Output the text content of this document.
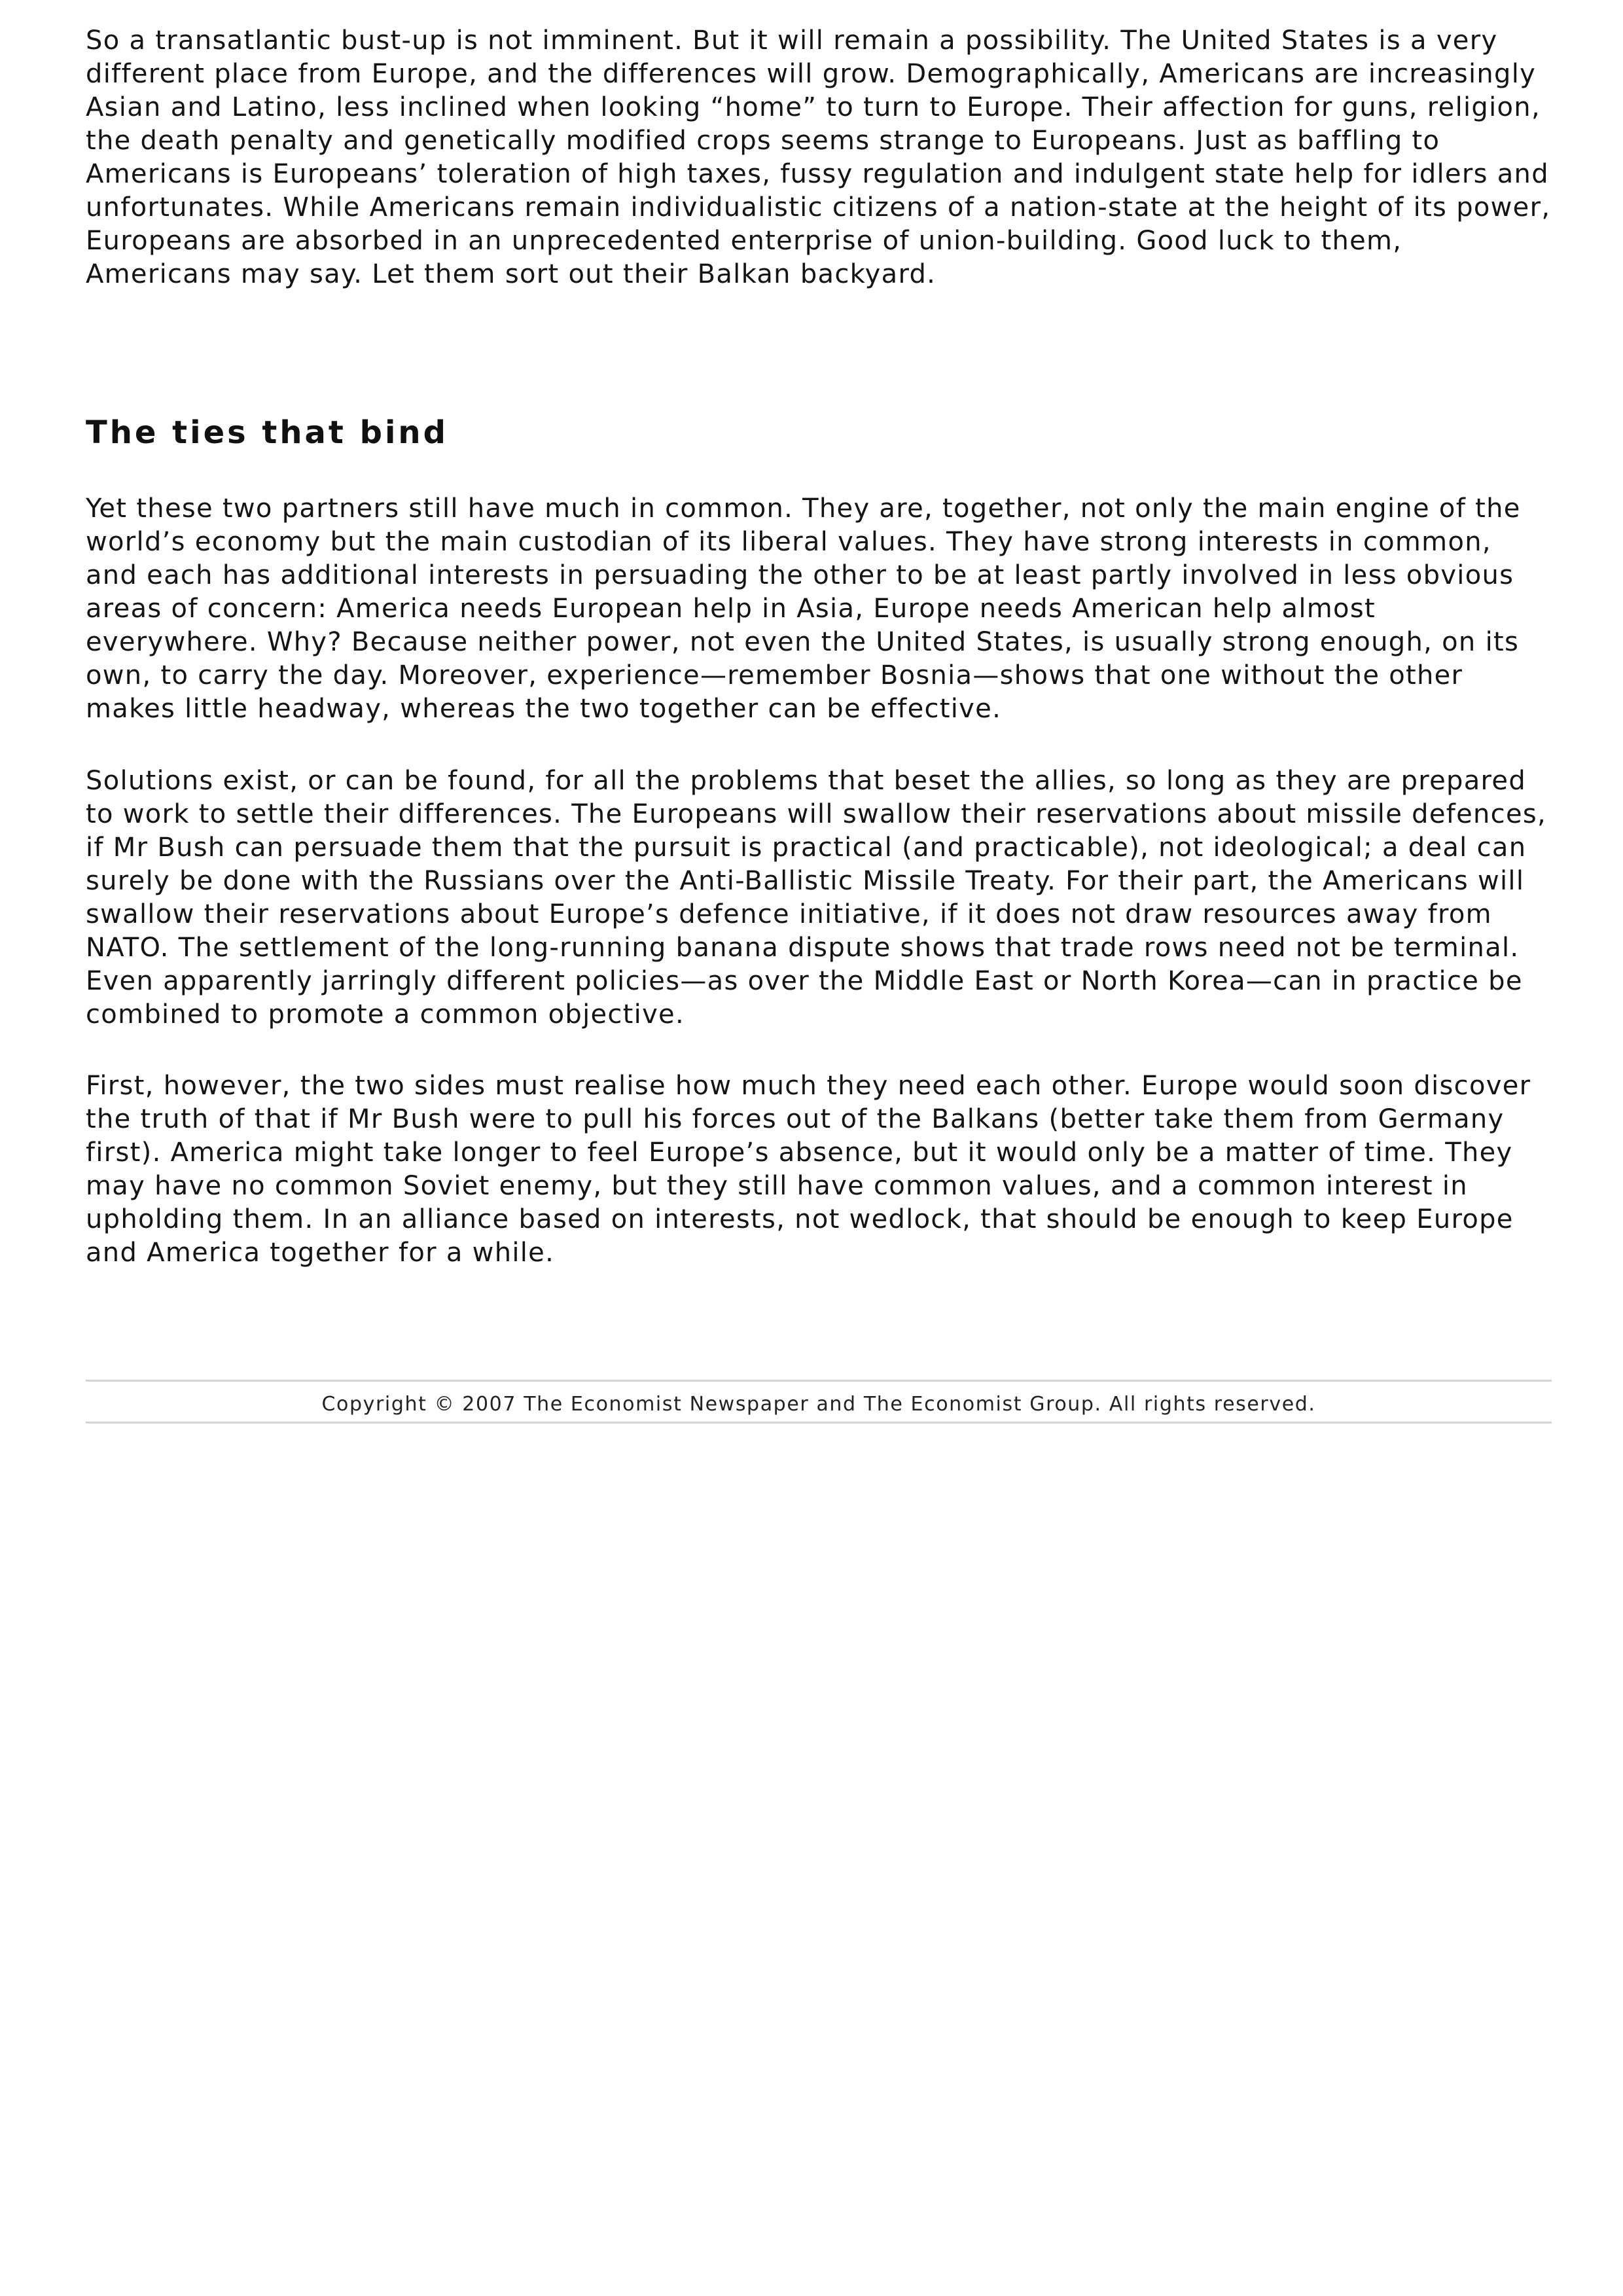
So a transatlantic bust-up is not imminent. But it will remain a possibility. The United States is a very different place from Europe, and the differences will grow. Demographically, Americans are increasingly Asian and Latino, less inclined when looking “home” to turn to Europe. Their affection for guns, religion, the death penalty and genetically modified crops seems strange to Europeans. Just as baffling to Americans is Europeans’ toleration of high taxes, fussy regulation and indulgent state help for idlers and unfortunates. While Americans remain individualistic citizens of a nation-state at the height of its power, Europeans are absorbed in an unprecedented enterprise of union-building. Good luck to them, Americans may say. Let them sort out their Balkan backyard.

The ties that bind

Yet these two partners still have much in common. They are, together, not only the main engine of the world’s economy but the main custodian of its liberal values. They have strong interests in common, and each has additional interests in persuading the other to be at least partly involved in less obvious areas of concern: America needs European help in Asia, Europe needs American help almost everywhere. Why? Because neither power, not even the United States, is usually strong enough, on its own, to carry the day. Moreover, experience—remember Bosnia—shows that one without the other makes little headway, whereas the two together can be effective.

Solutions exist, or can be found, for all the problems that beset the allies, so long as they are prepared to work to settle their differences. The Europeans will swallow their reservations about missile defences, if Mr Bush can persuade them that the pursuit is practical (and practicable), not ideological; a deal can surely be done with the Russians over the Anti-Ballistic Missile Treaty. For their part, the Americans will swallow their reservations about Europe’s defence initiative, if it does not draw resources away from NATO. The settlement of the long-running banana dispute shows that trade rows need not be terminal. Even apparently jarringly different policies—as over the Middle East or North Korea—can in practice be combined to promote a common objective.

First, however, the two sides must realise how much they need each other. Europe would soon discover the truth of that if Mr Bush were to pull his forces out of the Balkans (better take them from Germany first). America might take longer to feel Europe’s absence, but it would only be a matter of time. They may have no common Soviet enemy, but they still have common values, and a common interest in upholding them. In an alliance based on interests, not wedlock, that should be enough to keep Europe and America together for a while.

Copyright © 2007 The Economist Newspaper and The Economist Group. All rights reserved.
